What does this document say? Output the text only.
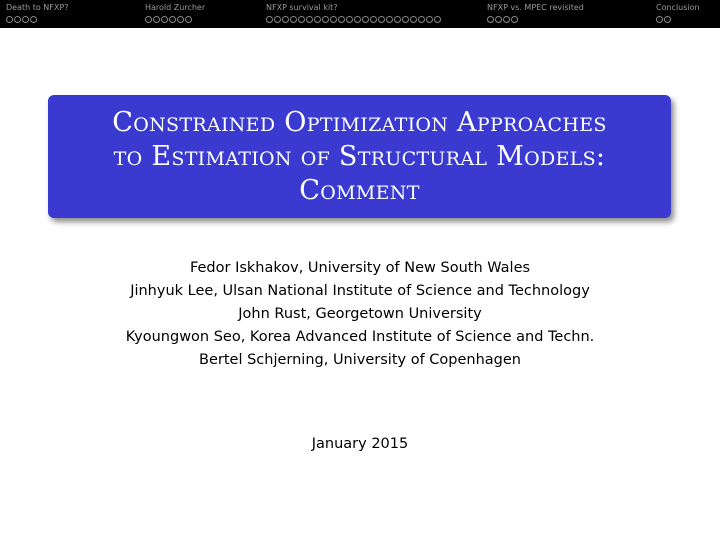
Death to NFXP?	Harold Zurcher	NFXP survival kit?	NFXP vs. MPEC revisited	Conclusion
Constrained Optimization Approaches
to Estimation of Structural Models:
Comment
Fedor Iskhakov, University of New South Wales
Jinhyuk Lee, Ulsan National Institute of Science and Technology
John Rust, Georgetown University
Kyoungwon Seo, Korea Advanced Institute of Science and Techn.
Bertel Schjerning, University of Copenhagen
January 2015
